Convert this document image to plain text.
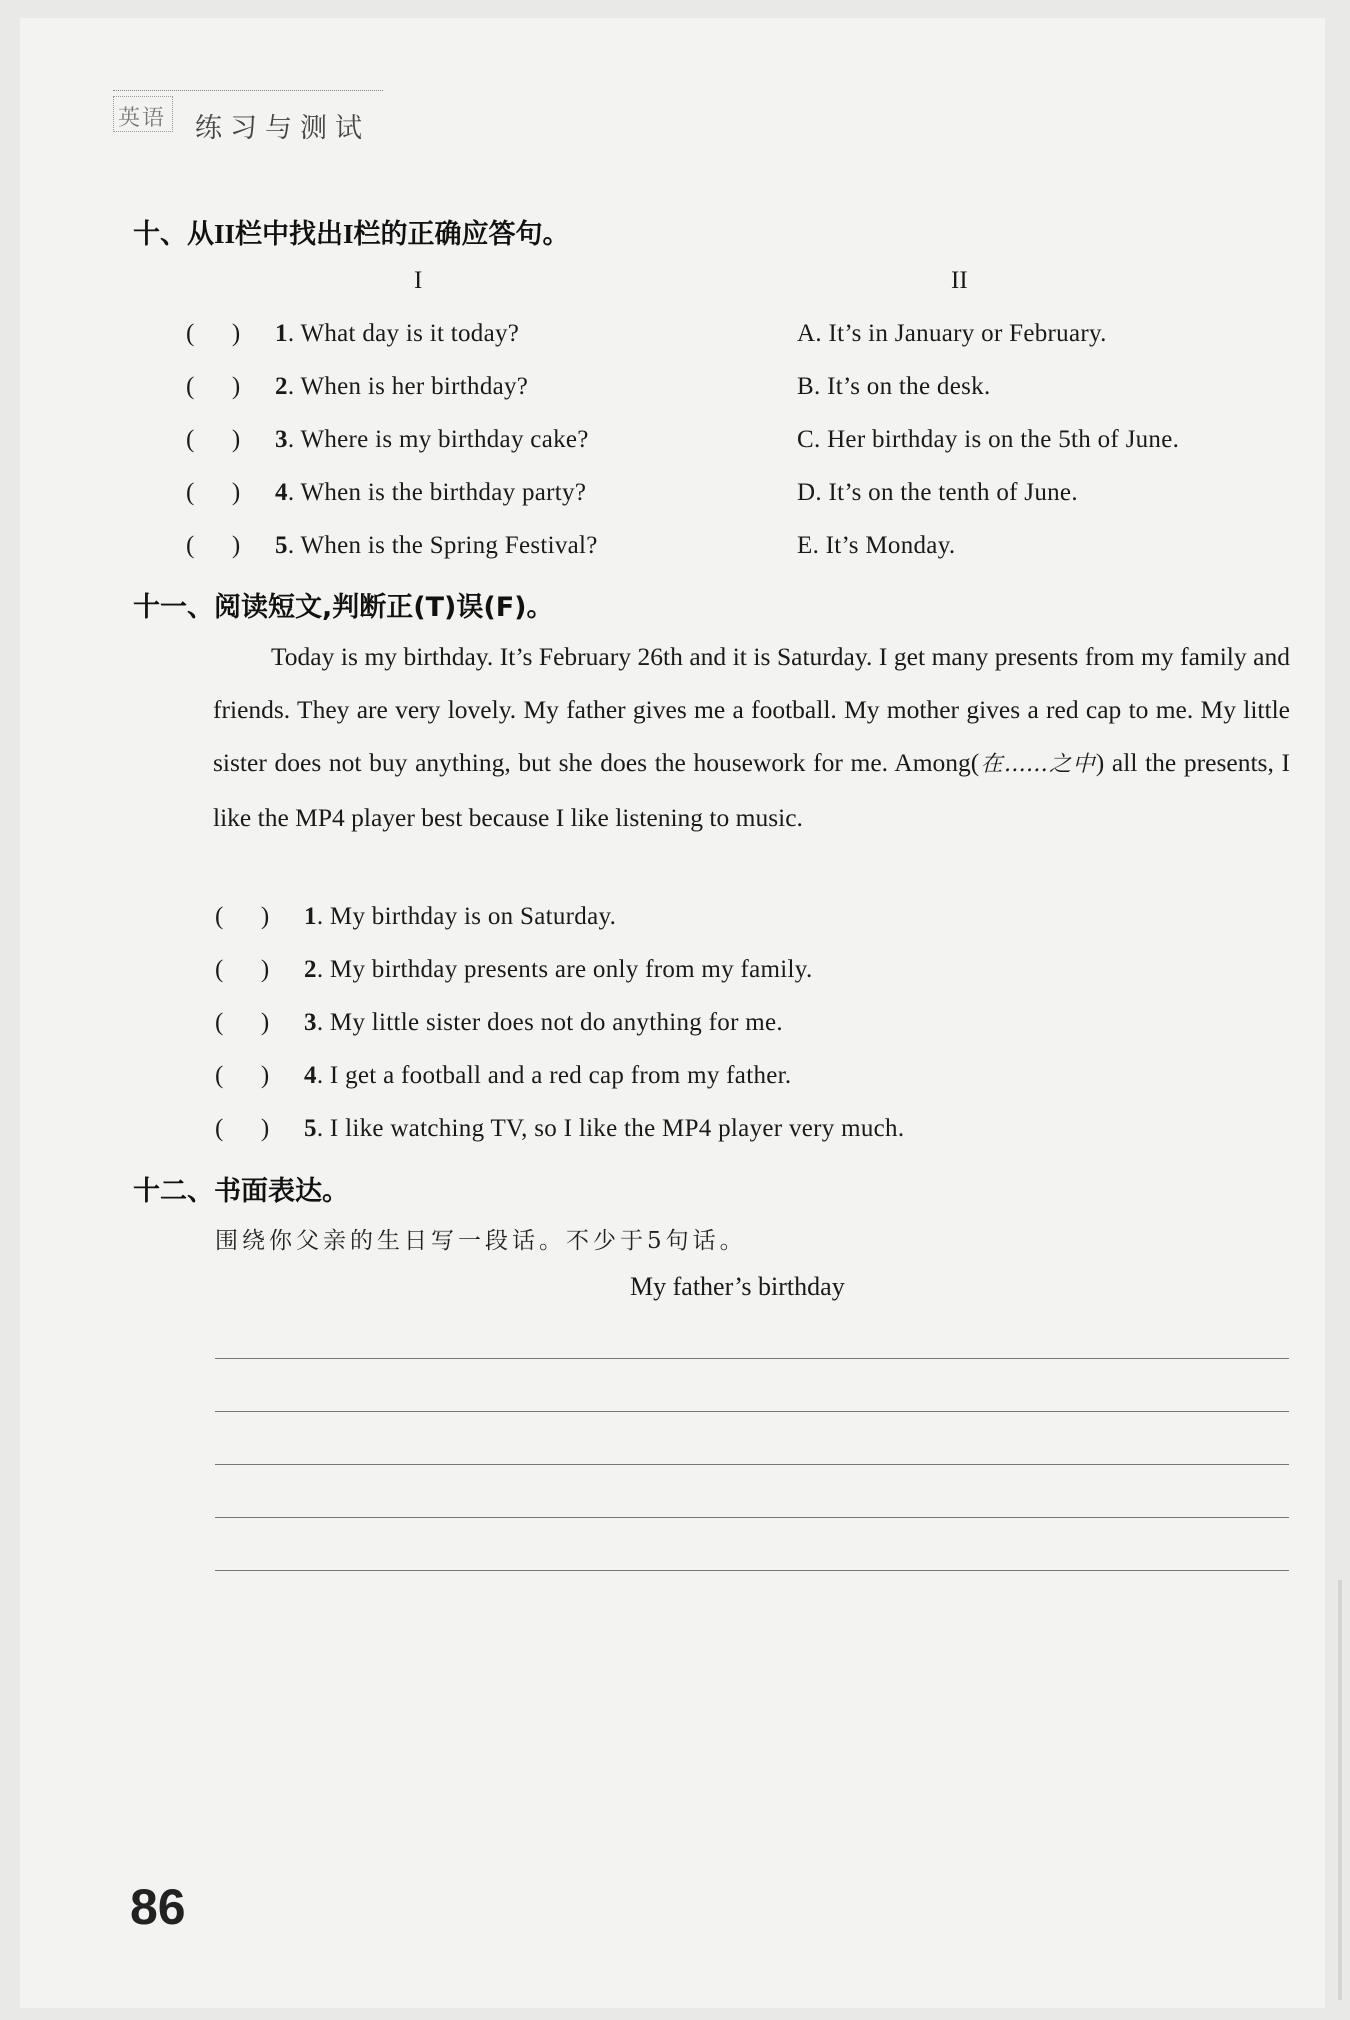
英语 练习与测试
十、从II栏中找出I栏的正确应答句。
I	II
(      ) 1. What day is it today?
(      ) 2. When is her birthday?
(      ) 3. Where is my birthday cake?
(      ) 4. When is the birthday party?
(      ) 5. When is the Spring Festival?
A. It’s in January or February.
B. It’s on the desk.
C. Her birthday is on the 5th of June.
D. It’s on the tenth of June.
E. It’s Monday.
十一、阅读短文,判断正(T)误(F)。
Today is my birthday. It’s February 26th and it is Saturday. I get many presents from my family and friends. They are very lovely. My father gives me a football. My mother gives a red cap to me. My little sister does not buy anything, but she does the housework for me. Among(在……之中) all the presents, I like the MP4 player best because I like listening to music.
(      ) 1. My birthday is on Saturday.
(      ) 2. My birthday presents are only from my family.
(      ) 3. My little sister does not do anything for me.
(      ) 4. I get a football and a red cap from my father.
(      ) 5. I like watching TV, so I like the MP4 player very much.
十二、书面表达。
围绕你父亲的生日写一段话。不少于5句话。
My father’s birthday
86
